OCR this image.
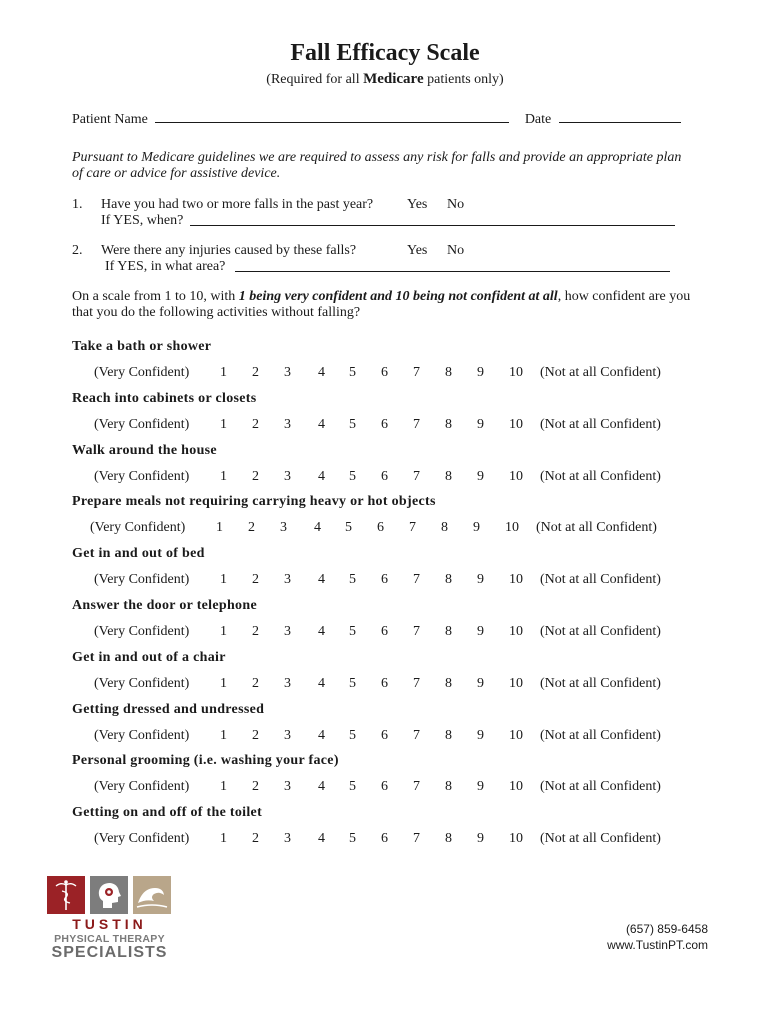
Fall Efficacy Scale
(Required for all Medicare patients only)
Patient Name	Date
Pursuant to Medicare guidelines we are required to assess any risk for falls and provide an appropriate plan of care or advice for assistive device.
1. Have you had two or more falls in the past year? Yes No
If YES, when?
2. Were there any injuries caused by these falls?	Yes No
If YES, in what area?
On a scale from 1 to 10, with 1 being very confident and 10 being not confident at all, how confident are you that you do the following activities without falling?
Take a bath or shower
(Very Confident) 1 2 3 4 5 6 7 8 9 10 (Not at all Confident)
Reach into cabinets or closets
(Very Confident) 1 2 3 4 5 6 7 8 9 10 (Not at all Confident)
Walk around the house
(Very Confident) 1 2 3 4 5 6 7 8 9 10 (Not at all Confident)
Prepare meals not requiring carrying heavy or hot objects
(Very Confident) 1 2 3 4 5 6 7 8 9 10 (Not at all Confident)
Get in and out of bed
(Very Confident) 1 2 3 4 5 6 7 8 9 10 (Not at all Confident)
Answer the door or telephone
(Very Confident) 1 2 3 4 5 6 7 8 9 10 (Not at all Confident)
Get in and out of a chair
(Very Confident) 1 2 3 4 5 6 7 8 9 10 (Not at all Confident)
Getting dressed and undressed
(Very Confident) 1 2 3 4 5 6 7 8 9 10 (Not at all Confident)
Personal grooming (i.e. washing your face)
(Very Confident) 1 2 3 4 5 6 7 8 9 10 (Not at all Confident)
Getting on and off of the toilet
(Very Confident) 1 2 3 4 5 6 7 8 9 10 (Not at all Confident)
TUSTIN
PHYSICAL THERAPY
SPECIALISTS
(657) 859-6458
www.TustinPT.com
